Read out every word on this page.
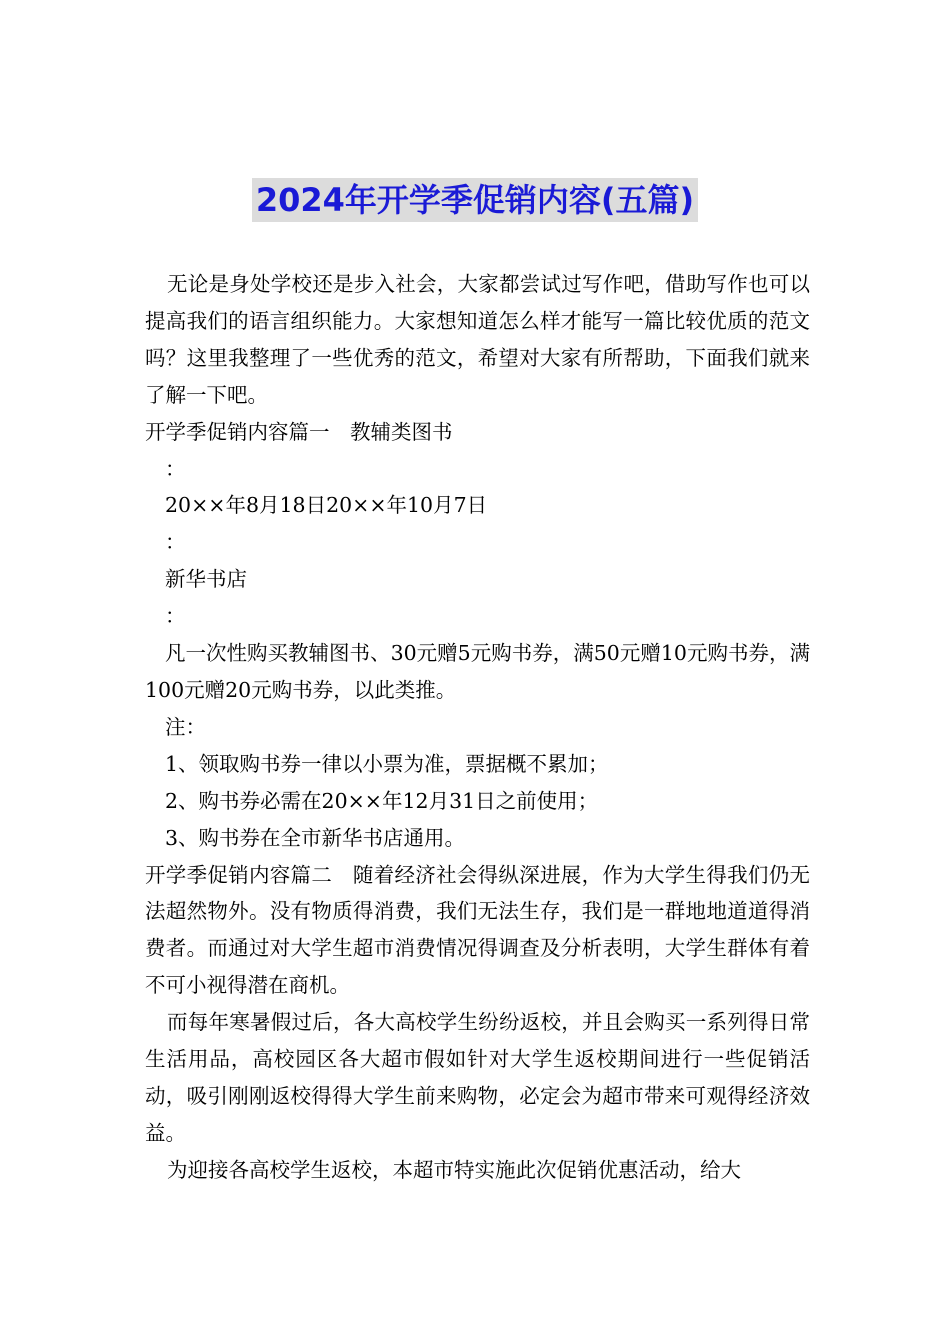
2024年开学季促销内容(五篇)

无论是身处学校还是步入社会，大家都尝试过写作吧，借助写作也可以提高我们的语言组织能力。大家想知道怎么样才能写一篇比较优质的范文吗？这里我整理了一些优秀的范文，希望对大家有所帮助，下面我们就来了解一下吧。

开学季促销内容篇一　教辅类图书

：

20××年8月18日20××年10月7日

：

新华书店

：

凡一次性购买教辅图书、30元赠5元购书券，满50元赠10元购书券，满100元赠20元购书券，以此类推。

注：

1、领取购书券一律以小票为准，票据概不累加；

2、购书券必需在20××年12月31日之前使用；

3、购书券在全市新华书店通用。

开学季促销内容篇二　随着经济社会得纵深进展，作为大学生得我们仍无法超然物外。没有物质得消费，我们无法生存，我们是一群地地道道得消费者。而通过对大学生超市消费情况得调查及分析表明，大学生群体有着不可小视得潜在商机。

而每年寒暑假过后，各大高校学生纷纷返校，并且会购买一系列得日常生活用品，高校园区各大超市假如针对大学生返校期间进行一些促销活动，吸引刚刚返校得得大学生前来购物，必定会为超市带来可观得经济效益。

为迎接各高校学生返校，本超市特实施此次促销优惠活动，给大
